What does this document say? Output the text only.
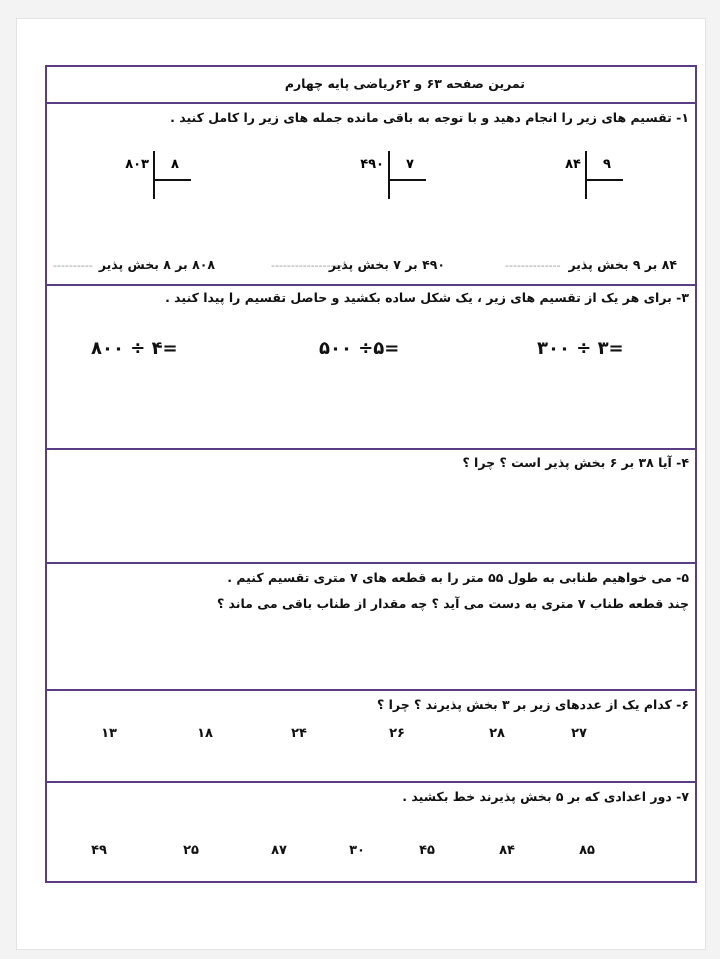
تمرین صفحه ۶۳ و ۶۲ریاضی پایه چهارم
۱- تقسیم های زیر را انجام دهید و با توجه به باقی مانده جمله های زیر را کامل کنید .
۸۴	۹
۴۹۰	۷
۸۰۳	۸
۸۴ بر ۹ بخش پذیر
--------------
۴۹۰ بر ۷ بخش پذیر
-------------------
۸۰۸ بر ۸ بخش پذیر
----------
۳- برای هر یک از تقسیم های زیر ، یک شکل ساده بکشید و حاصل تقسیم را پیدا کنید .
۳۰۰ ÷ ۳=
۵۰۰ ÷۵=
۸۰۰ ÷ ۴=
۴- آیا ۳۸ بر ۶ بخش پذیر است ؟ چرا ؟
۵- می خواهیم طنابی به طول ۵۵ متر را به قطعه های ۷ متری تقسیم کنیم .
چند قطعه طناب ۷ متری به دست می آید ؟ چه مقدار از طناب باقی می ماند ؟
۶- کدام یک از عددهای زیر بر ۳ بخش پذیرند ؟ چرا ؟
۲۷
۲۸
۲۶
۲۴
۱۸
۱۳
۷- دور اعدادی که بر ۵ بخش پذیرند خط بکشید .
۸۵
۸۴
۴۵
۳۰
۸۷
۲۵
۴۹
